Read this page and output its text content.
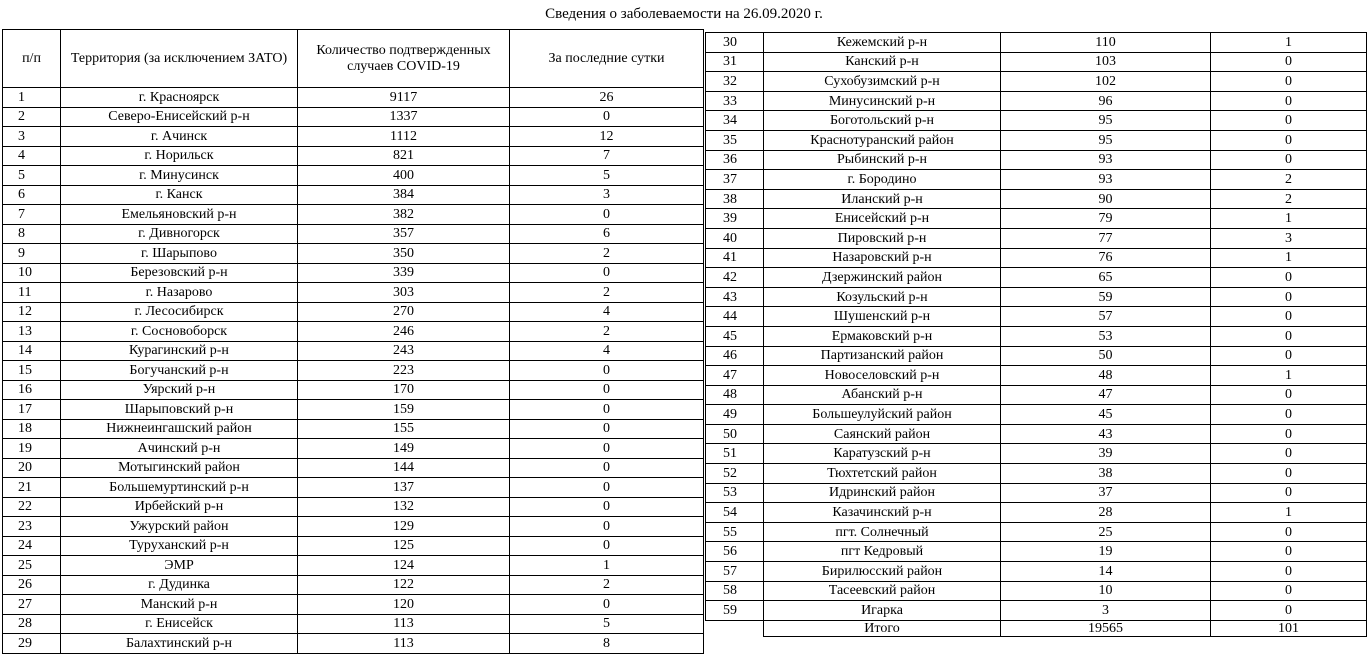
Сведения о заболеваемости на 26.09.2020 г.
п/п	Территория (за исключением ЗАТО)	Количество подтвержденных случаев COVID-19	За последние сутки
1	г. Красноярск	9117	26
2	Северо-Енисейский р-н	1337	0
3	г. Ачинск	1112	12
4	г. Норильск	821	7
5	г. Минусинск	400	5
6	г. Канск	384	3
7	Емельяновский р-н	382	0
8	г. Дивногорск	357	6
9	г. Шарыпово	350	2
10	Березовский р-н	339	0
11	г. Назарово	303	2
12	г. Лесосибирск	270	4
13	г. Сосновоборск	246	2
14	Курагинский р-н	243	4
15	Богучанский р-н	223	0
16	Уярский р-н	170	0
17	Шарыповский р-н	159	0
18	Нижнеингашский район	155	0
19	Ачинский р-н	149	0
20	Мотыгинский район	144	0
21	Большемуртинский р-н	137	0
22	Ирбейский р-н	132	0
23	Ужурский район	129	0
24	Туруханский р-н	125	0
25	ЭМР	124	1
26	г. Дудинка	122	2
27	Манский р-н	120	0
28	г. Енисейск	113	5
29	Балахтинский р-н	113	8
30	Кежемский р-н	110	1
31	Канский р-н	103	0
32	Сухобузимский р-н	102	0
33	Минусинский р-н	96	0
34	Боготольский р-н	95	0
35	Краснотуранский район	95	0
36	Рыбинский р-н	93	0
37	г. Бородино	93	2
38	Иланский р-н	90	2
39	Енисейский р-н	79	1
40	Пировский р-н	77	3
41	Назаровский р-н	76	1
42	Дзержинский район	65	0
43	Козульский р-н	59	0
44	Шушенский р-н	57	0
45	Ермаковский р-н	53	0
46	Партизанский район	50	0
47	Новоселовский р-н	48	1
48	Абанский р-н	47	0
49	Большеулуйский район	45	0
50	Саянский район	43	0
51	Каратузский р-н	39	0
52	Тюхтетский район	38	0
53	Идринский район	37	0
54	Казачинский р-н	28	1
55	пгт. Солнечный	25	0
56	пгт Кедровый	19	0
57	Бирилюсский район	14	0
58	Тасеевский район	10	0
59	Игарка	3	0
	Итого	19565	101
